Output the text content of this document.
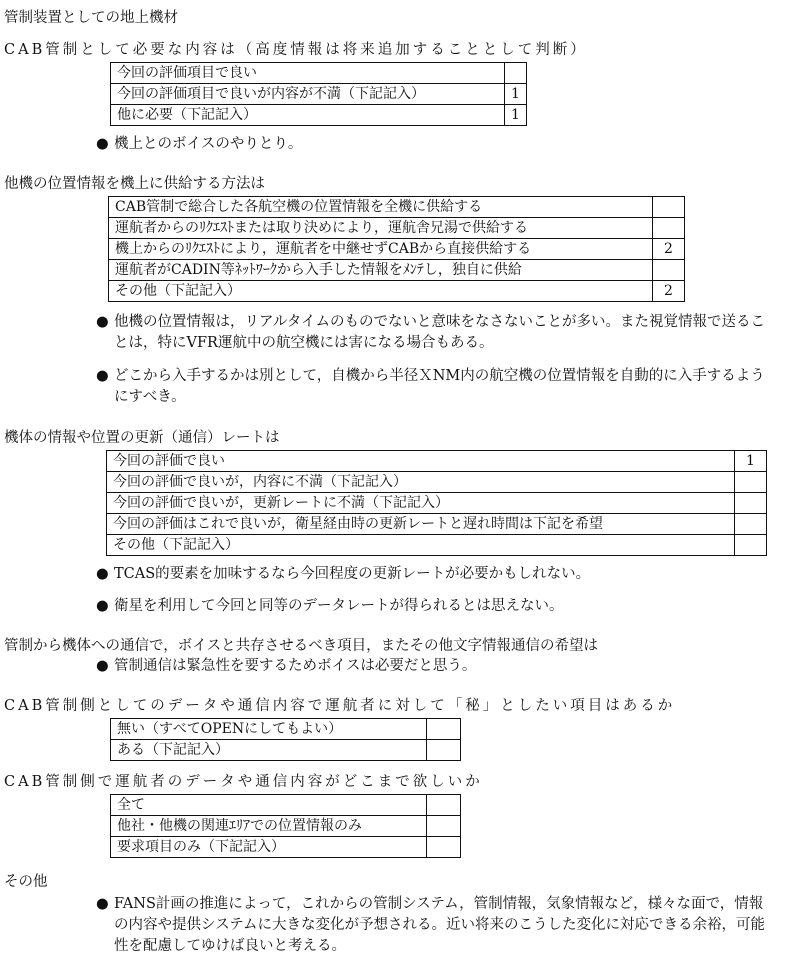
管制装置としての地上機材
CAB管制として必要な内容は（高度情報は将来追加することとして判断）
今回の評価項目で良い	
今回の評価項目で良いが内容が不満（下記記入）	1
他に必要（下記記入）	1
● 機上とのボイスのやりとり。
他機の位置情報を機上に供給する方法は
CAB管制で総合した各航空機の位置情報を全機に供給する	
運航者からのﾘｸｴｽﾄまたは取り決めにより，運航舎兄湯で供給する	
機上からのﾘｸｴｽﾄにより，運航者を中継せずCABから直接供給する	2
運航者がCADIN等ﾈｯﾄﾜｰｸから入手した情報をﾒﾝﾃし，独自に供給	
その他（下記記入）	2
● 他機の位置情報は，リアルタイムのものでないと意味をなさないことが多い。また視覚情報で送ることは，特にVFR運航中の航空機には害になる場合もある。
● どこから入手するかは別として，自機から半径ＸNM内の航空機の位置情報を自動的に入手するようにすべき。
機体の情報や位置の更新（通信）レートは
今回の評価で良い	1
今回の評価で良いが，内容に不満（下記記入）	
今回の評価で良いが，更新レートに不満（下記記入）	
今回の評価はこれで良いが，衛星経由時の更新レートと遅れ時間は下記を希望	
その他（下記記入）	
● TCAS的要素を加味するなら今回程度の更新レートが必要かもしれない。
● 衛星を利用して今回と同等のデータレートが得られるとは思えない。
管制から機体への通信で，ボイスと共存させるべき項目，またその他文字情報通信の希望は
● 管制通信は緊急性を要するためボイスは必要だと思う。
CAB管制側としてのデータや通信内容で運航者に対して「秘」としたい項目はあるか
無い（すべてOPENにしてもよい）	
ある（下記記入）	
CAB管制側で運航者のデータや通信内容がどこまで欲しいか
全て	
他社・他機の関連ｴﾘｱでの位置情報のみ	
要求項目のみ（下記記入）	
その他
● FANS計画の推進によって，これからの管制システム，管制情報，気象情報など，様々な面で，情報の内容や提供システムに大きな変化が予想される。近い将来のこうした変化に対応できる余裕，可能性を配慮してゆけば良いと考える。
